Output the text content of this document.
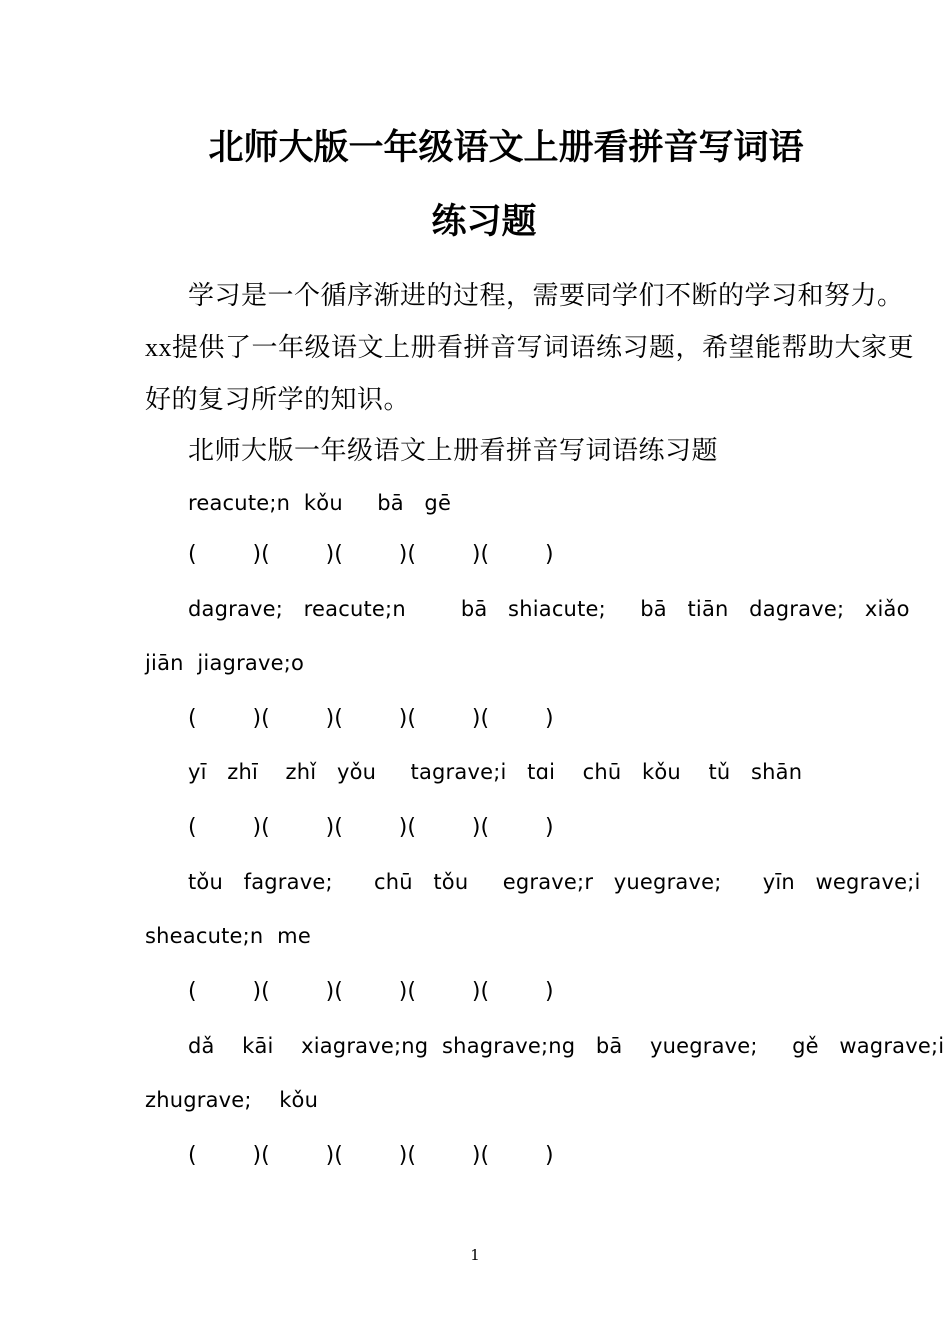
北师大版一年级语文上册看拼音写词语
练习题
学习是一个循序渐进的过程，需要同学们不断的学习和努力。
xx提供了一年级语文上册看拼音写词语练习题，希望能帮助大家更
好的复习所学的知识。
北师大版一年级语文上册看拼音写词语练习题
reacute;n  kǒu     bā   gē
(        )(        )(        )(        )(        )
dagrave;   reacute;n        bā   shiacute;     bā   tiān   dagrave;   xiǎo
jiān  jiagrave;o
(        )(        )(        )(        )(        )
yī   zhī    zhǐ   yǒu     tagrave;i   tɑi    chū   kǒu    tǔ   shān
(        )(        )(        )(        )(        )
tǒu   fagrave;      chū   tǒu     egrave;r   yuegrave;      yīn   wegrave;i
sheacute;n  me
(        )(        )(        )(        )(        )
dǎ    kāi    xiagrave;ng  shagrave;ng   bā    yuegrave;     gě   wagrave;i
zhugrave;    kǒu
(        )(        )(        )(        )(        )
1
